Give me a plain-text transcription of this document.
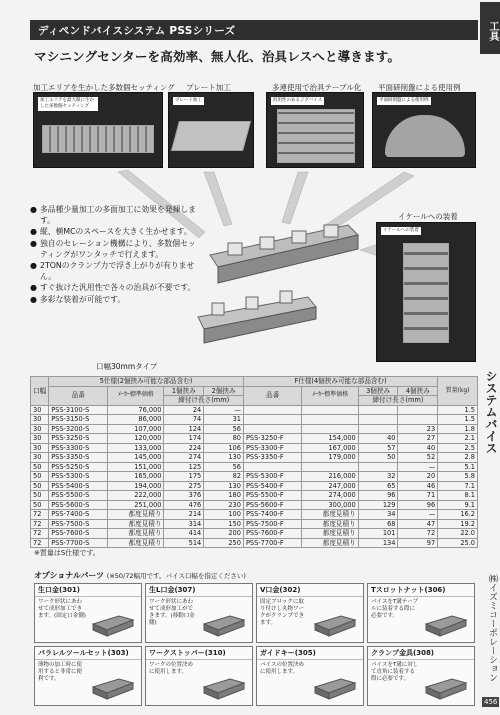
工具
ディペンドバイスシステム PSSシリーズ
マシニングセンターを高効率、無人化、治具レスへと導きます。
加工エリアを生かした多数個セッティング
加工エリアを最大限に生かした多数個セッティング
プレート加工
プレート加工
多連使用で治具テーブル化
汎用性のあるジグバイス
平面研削盤による使用例
平面研削盤による使用例
● 多品種少量加工の多面加工に効果を発揮します。
● 縦、横MCのスペースを大きく生かせます。
● 独自のセレーション機構により、多数個セッティングがワンタッチで行えます。
● 2TONのクランプ力で浮き上がりが有りません。
● すぐ抜けた汎用性で各々の治具が不要です。
● 多彩な装着が可能です。
口幅30mmタイプ
イケールへの装着
イケールへの装着
口幅	5仕様(2個挟み可能な部品含む)				F仕様(4個挟み可能な部品含む)				質量(kg)
	品番	ﾒｰｶｰ標準価格	1個挟み	2個挟み	品番	ﾒｰｶｰ標準価格	3個挟み	4個挟み	
			締付け長さ(mm)				締付け長さ(mm)		
30	PSS-3100-S	76,000	24	—					1.5
30	PSS-3150-S	86,000	74	31					1.5
30	PSS-3200-S	107,000	124	56				23	1.8
30	PSS-3250-S	120,000	174	80	PSS-3250-F	154,000	40	27	2.1
30	PSS-3300-S	133,000	224	106	PSS-3300-F	167,000	57	40	2.5
30	PSS-3350-S	145,000	274	130	PSS-3350-F	179,000	50	52	2.8
50	PSS-5250-S	151,000	125	56				—	5.1
50	PSS-5300-S	165,000	175	82	PSS-5300-F	216,000	32	20	5.8
50	PSS-5400-S	194,000	275	130	PSS-5400-F	247,000	65	46	7.1
50	PSS-5500-S	222,000	376	180	PSS-5500-F	274,000	96	71	8.1
50	PSS-5600-S	251,000	476	230	PSS-5600-F	300,000	129	96	9.1
72	PSS-7400-S	都度見積り	214	100	PSS-7400-F	都度見積り	34	—	16.2
72	PSS-7500-S	都度見積り	314	150	PSS-7500-F	都度見積り	68	47	19.2
72	PSS-7600-S	都度見積り	414	200	PSS-7600-F	都度見積り	101	72	22.0
72	PSS-7700-S	都度見積り	514	250	PSS-7700-F	都度見積り	134	97	25.0
※質量はS仕様です。
システムバイス
㈱イズミコーポレーション
456
オプショナルパーツ (※50/72幅用です。バイス口幅を指定ください)
生口金(301)
ワーク形状にあわせて成形加工できます。(固定口金側)
生L口金(307)
ワーク形状にあわせて成形加工ができます。(移動口金側)
V口金(302)
固定ブロックに取り付けし丸物ワークがクランプできます。
Tスロットナット(306)
バイスをT溝テーブルに装着する際に必要です。
パラレルツールセット(303)
薄物の加工時に使用すると非常に便利です。
ワークストッパー(310)
ワークの位置決めに使用します。
ガイドキー(305)
バイスの位置決めに使用します。
クランプ金具(308)
バイスをT溝に対して直角に装着する際に必要です。
